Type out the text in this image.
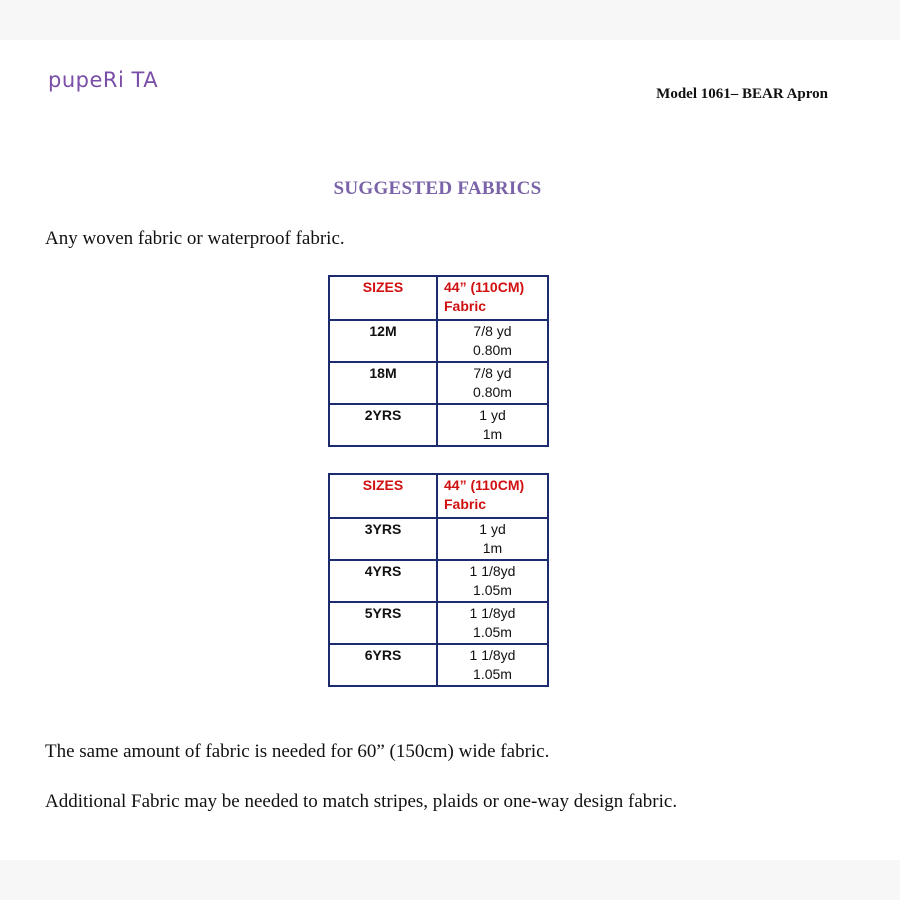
pupeRi TA
Model 1061– BEAR Apron
SUGGESTED FABRICS
Any woven fabric or waterproof fabric.
SIZES	44” (110CM)
Fabric

12M	7/8 yd
0.80m

18M	7/8 yd
0.80m

2YRS	1 yd
1m
SIZES	44” (110CM)
Fabric

3YRS	1 yd
1m

4YRS	1 1/8yd
1.05m

5YRS	1 1/8yd
1.05m

6YRS	1 1/8yd
1.05m
The same amount of fabric is needed for 60” (150cm) wide fabric.
Additional Fabric may be needed to match stripes, plaids or one-way design fabric.
